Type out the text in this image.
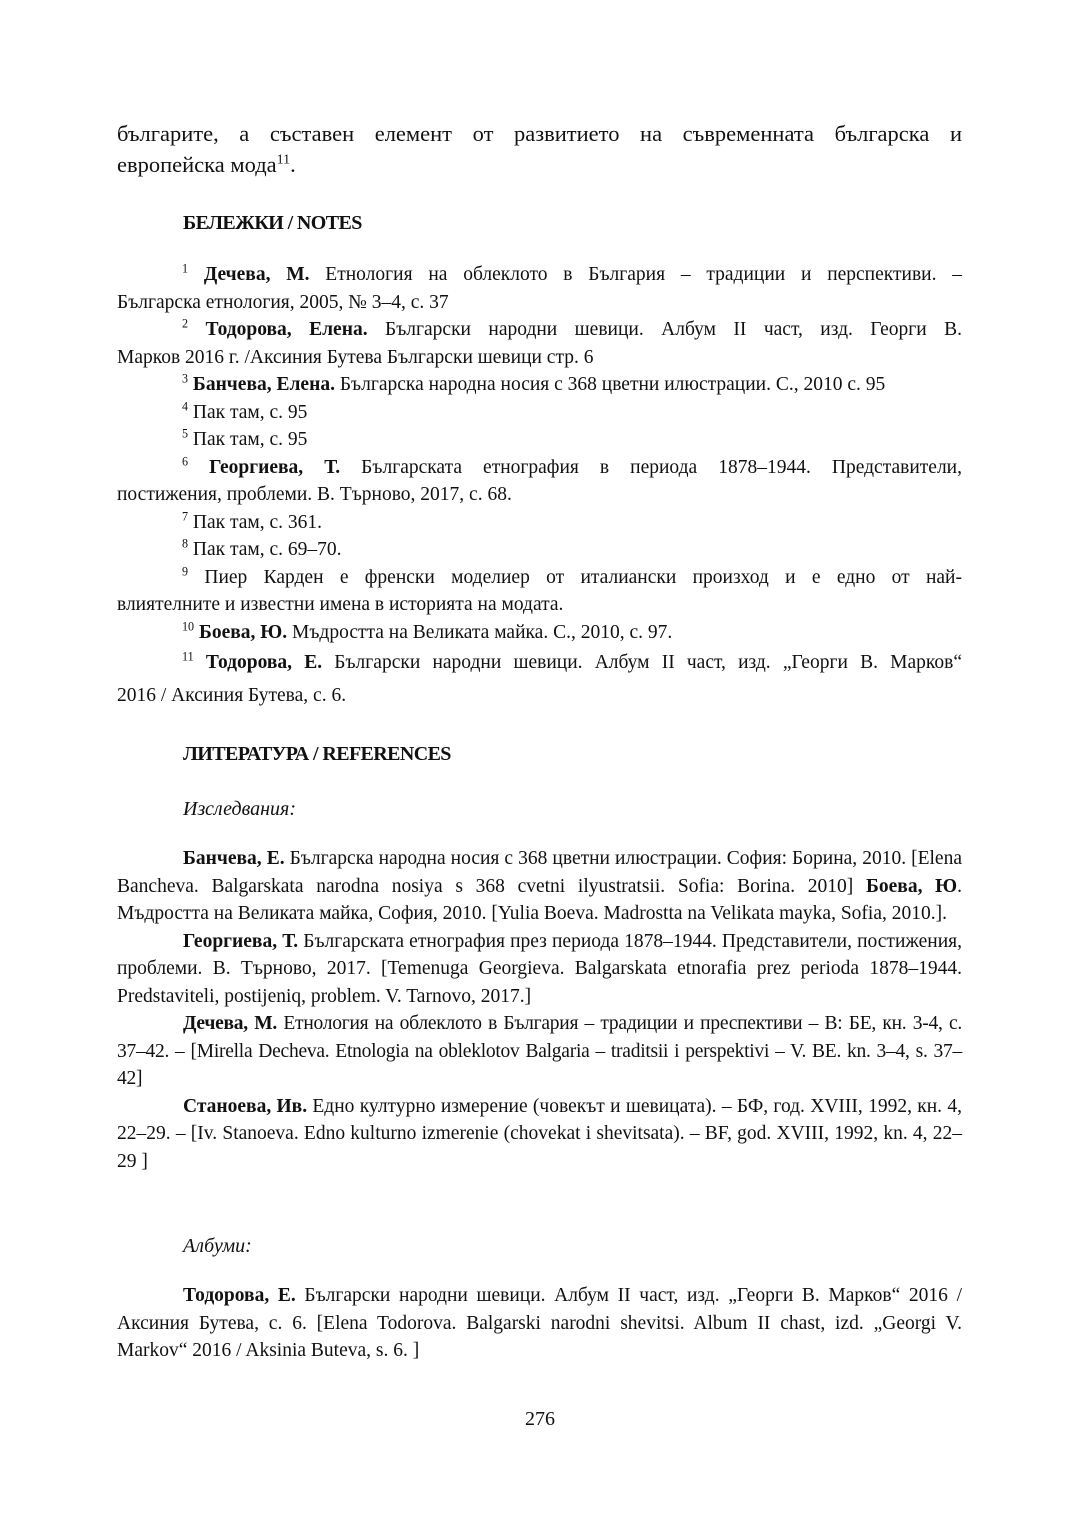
българите, а съставен елемент от развитието на съвременната българска и
европейска мода$^{11}$.

БЕЛЕЖКИ / NOTES
$^1$ Дечева, М. Етнология на облеклото в България – традиции и перспективи. –
Българска етнология, 2005, № 3–4, с. 37
$^2$ Тодорова, Елена. Български народни шевици. Албум II част, изд. Георги В.
Марков 2016 г. /Аксиния Бутева Български шевици стр. 6
$^3$ Банчева, Елена. Българска народна носия с 368 цветни илюстрации. С., 2010 с. 95
$^4$ Пак там, с. 95
$^5$ Пак там, с. 95
$^6$ Георгиева, Т. Българската етнография в периода 1878–1944. Представители,
постижения, проблеми. В. Търново, 2017, с. 68.
$^7$ Пак там, с. 361.
$^8$ Пак там, с. 69–70.
$^9$ Пиер Карден е френски моделиер от италиански произход и е едно от най-
влиятелните и известни имена в историята на модата.
$^{10}$ Боева, Ю. Мъдростта на Великата майка. С., 2010, с. 97.
$^{11}$ Тодорова, Е. Български народни шевици. Албум II част, изд. „Георги В. Марков“
2016 / Аксиния Бутева, с. 6.
ЛИТЕРАТУРА / REFERENCES
Изследвания:

Банчева, Е. Българска народна носия с 368 цветни илюстрации. София: Борина, 2010. [Elena Bancheva. Balgarskata narodna nosiya s 368 cvetni ilyustratsii. Sofia: Borina. 2010] Боева, Ю. Мъдростта на Великата майка, София, 2010. [Yulia Boeva. Madrostta na Velikata mayka, Sofia, 2010.].

Георгиева, Т. Българската етнография през периода 1878–1944. Представители, постижения, проблеми. В. Търново, 2017. [Temenuga Georgieva. Balgarskata etnorafia prez perioda 1878–1944. Predstaviteli, postijeniq, problem. V. Tarnovo, 2017.]

Дечева, М. Етнология на облеклото в България – традиции и преспективи – В: БЕ, кн. 3-4, с. 37–42. – [Mirella Decheva. Etnologia na obleklotov Balgaria – traditsii i perspektivi – V. BE. kn. 3–4, s. 37–42]

Станоева, Ив. Едно културно измерение (човекът и шевицата). – БФ, год. XVIII, 1992, кн. 4, 22–29. – [Iv. Stanoeva. Edno kulturno izmerenie (chovekat i shevitsata). – BF, god. XVIII, 1992, kn. 4, 22–29 ]

Албуми:

Тодорова, Е. Български народни шевици. Албум II част, изд. „Георги В. Марков“ 2016 / Аксиния Бутева, с. 6. [Elena Todorova. Balgarski narodni shevitsi. Album II chast, izd. „Georgi V. Markov“ 2016 / Aksinia Buteva, s. 6. ]

276
